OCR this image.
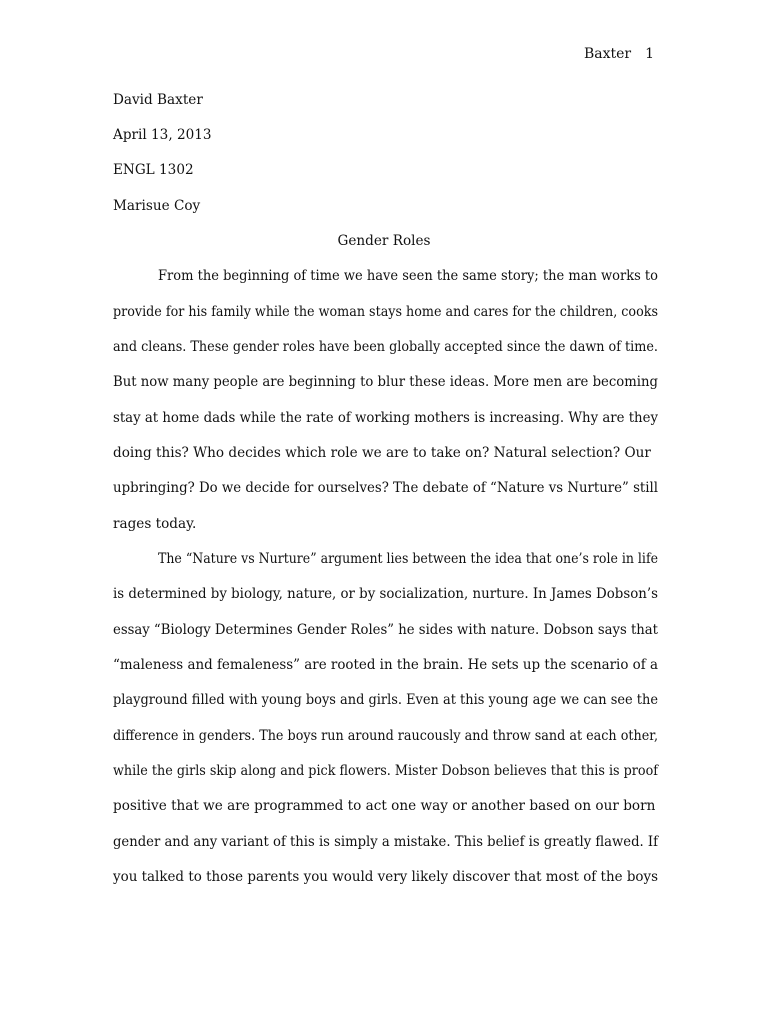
Baxter 1
David Baxter
April 13, 2013
ENGL 1302
Marisue Coy
Gender Roles
From the beginning of time we have seen the same story; the man works to
provide for his family while the woman stays home and cares for the children, cooks
and cleans. These gender roles have been globally accepted since the dawn of time.
But now many people are beginning to blur these ideas. More men are becoming
stay at home dads while the rate of working mothers is increasing. Why are they
doing this? Who decides which role we are to take on? Natural selection? Our
upbringing? Do we decide for ourselves? The debate of “Nature vs Nurture” still
rages today.
The “Nature vs Nurture” argument lies between the idea that one’s role in life
is determined by biology, nature, or by socialization, nurture. In James Dobson’s
essay “Biology Determines Gender Roles” he sides with nature. Dobson says that
“maleness and femaleness” are rooted in the brain. He sets up the scenario of a
playground filled with young boys and girls. Even at this young age we can see the
difference in genders. The boys run around raucously and throw sand at each other,
while the girls skip along and pick flowers. Mister Dobson believes that this is proof
positive that we are programmed to act one way or another based on our born
gender and any variant of this is simply a mistake. This belief is greatly flawed. If
you talked to those parents you would very likely discover that most of the boys
